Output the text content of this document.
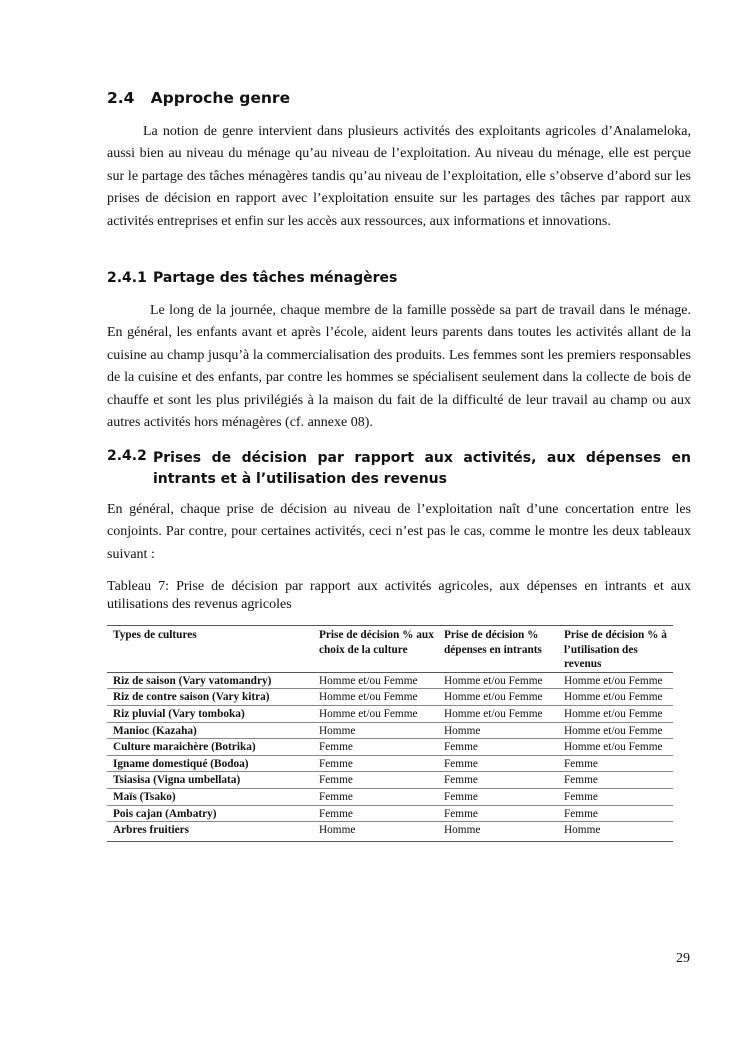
2.4 Approche genre

La notion de genre intervient dans plusieurs activités des exploitants agricoles d’Analameloka, aussi bien au niveau du ménage qu’au niveau de l’exploitation. Au niveau du ménage, elle est perçue sur le partage des tâches ménagères tandis qu’au niveau de l’exploitation, elle s’observe d’abord sur les prises de décision en rapport avec l’exploitation ensuite sur les partages des tâches par rapport aux activités entreprises et enfin sur les accès aux ressources, aux informations et innovations.

2.4.1 Partage des tâches ménagères

Le long de la journée, chaque membre de la famille possède sa part de travail dans le ménage. En général, les enfants avant et après l’école, aident leurs parents dans toutes les activités allant de la cuisine au champ jusqu’à la commercialisation des produits. Les femmes sont les premiers responsables de la cuisine et des enfants, par contre les hommes se spécialisent seulement dans la collecte de bois de chauffe et sont les plus privilégiés à la maison du fait de la difficulté de leur travail au champ ou aux autres activités hors ménagères (cf. annexe 08).

2.4.2 Prises de décision par rapport aux activités, aux dépenses en intrants et à l’utilisation des revenus

En général, chaque prise de décision au niveau de l’exploitation naît d’une concertation entre les conjoints. Par contre, pour certaines activités, ceci n’est pas le cas, comme le montre les deux tableaux suivant :

Tableau 7: Prise de décision par rapport aux activités agricoles, aux dépenses en intrants et aux utilisations des revenus agricoles

Types de cultures	Prise de décision % aux choix de la culture	Prise de décision % dépenses en intrants	Prise de décision % à l’utilisation des revenus
Riz de saison (Vary vatomandry)	Homme et/ou Femme	Homme et/ou Femme	Homme et/ou Femme
Riz de contre saison (Vary kitra)	Homme et/ou Femme	Homme et/ou Femme	Homme et/ou Femme
Riz pluvial (Vary tomboka)	Homme et/ou Femme	Homme et/ou Femme	Homme et/ou Femme
Manioc (Kazaha)	Homme	Homme	Homme et/ou Femme
Culture maraichère (Botrika)	Femme	Femme	Homme et/ou Femme
Igname domestiqué (Bodoa)	Femme	Femme	Femme
Tsiasisa (Vigna umbellata)	Femme	Femme	Femme
Maïs (Tsako)	Femme	Femme	Femme
Pois cajan (Ambatry)	Femme	Femme	Femme
Arbres fruitiers	Homme	Homme	Homme

29
